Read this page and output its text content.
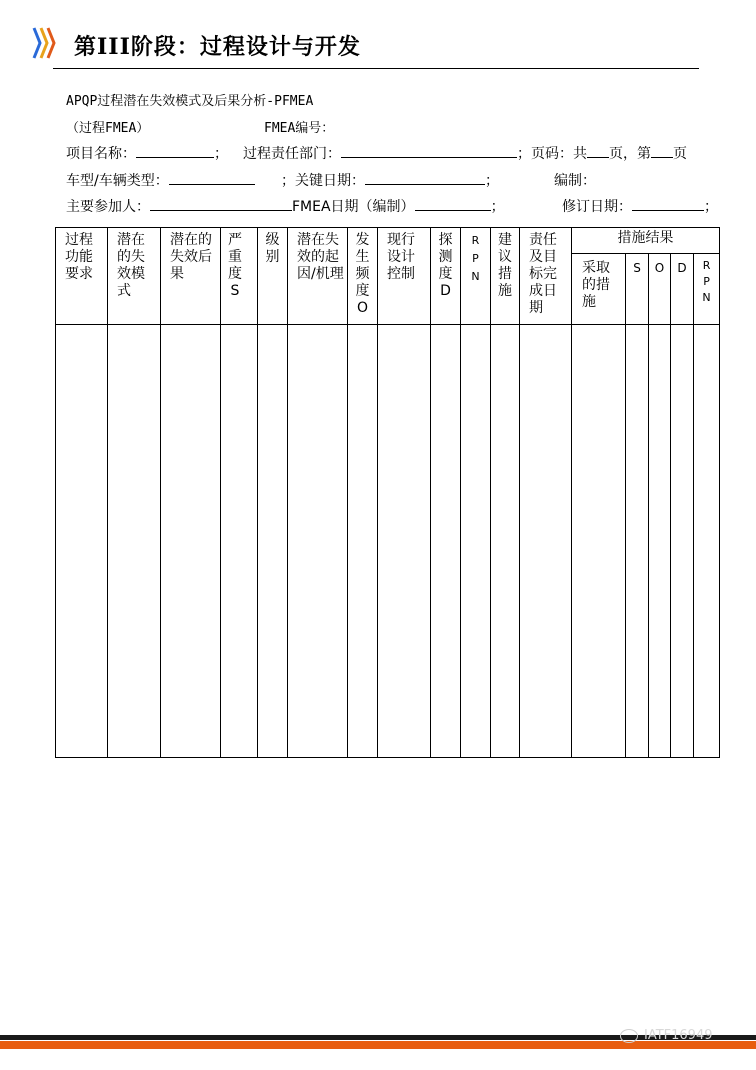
第III阶段：过程设计与开发
APQP过程潜在失效模式及后果分析-PFMEA
（过程FMEA）	FMEA编号：
项目名称：	； 过程责任部门：	；页码：共 页，第 页
车型/车辆类型：	；关键日期：	；	编制：
主要参加人：	FMEA日期（编制）	；	修订日期：	；
过程功能要求	潜在的失效模式	潜在的失效后果	严重度S	级别	潜在失效的起因/机理	发生频度O	现行设计控制	探测度D	RPN	建议措施	责任及目标完成日期	措施结果				
												采取的措施	S	O	D	RPN

IATF16949
